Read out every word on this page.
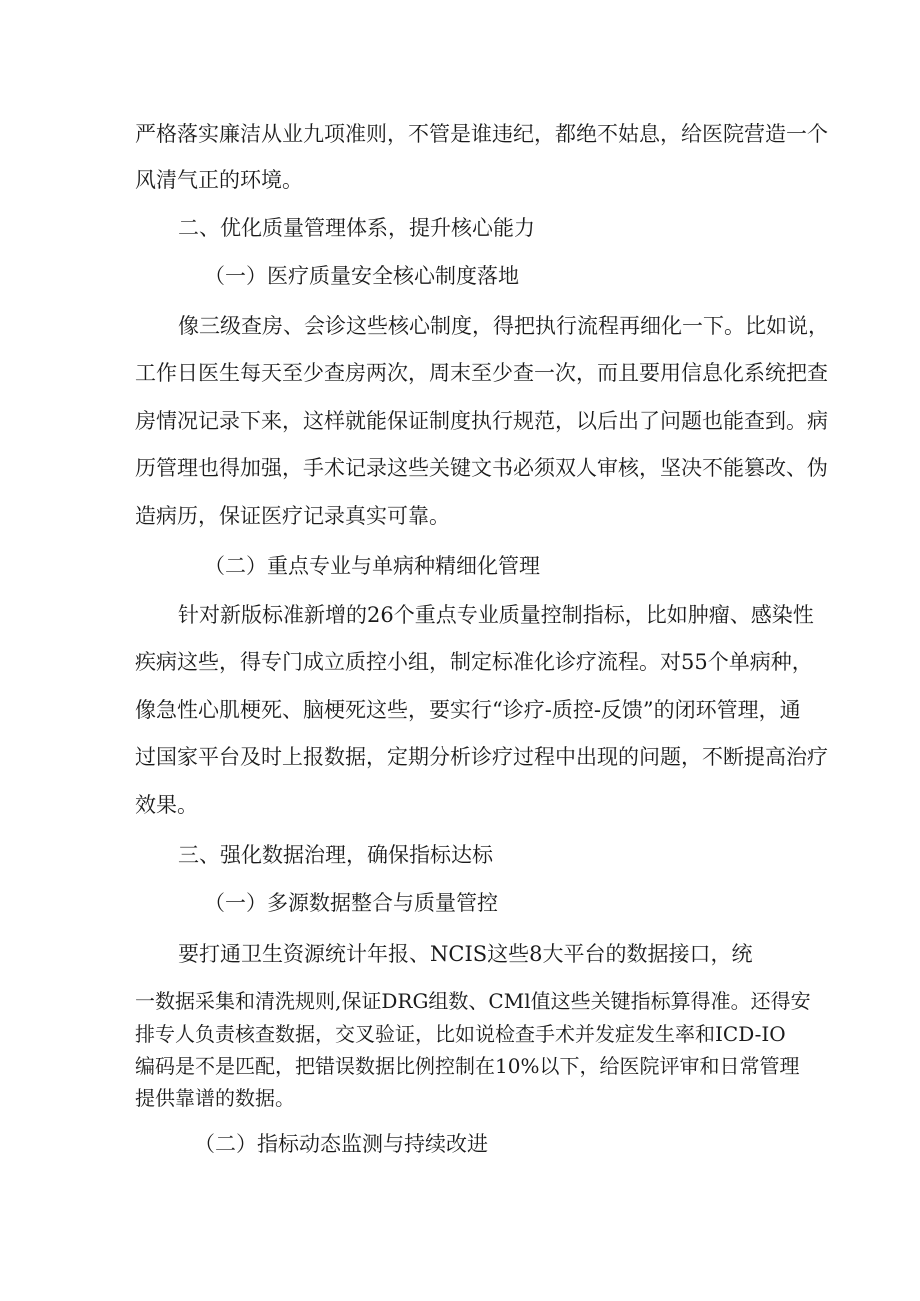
严格落实廉洁从业九项准则，不管是谁违纪，都绝不姑息，给医院营造一个

风清气正的环境。

二、优化质量管理体系，提升核心能力

（一）医疗质量安全核心制度落地

像三级查房、会诊这些核心制度，得把执行流程再细化一下。比如说，

工作日医生每天至少查房两次，周末至少查一次，而且要用信息化系统把查

房情况记录下来，这样就能保证制度执行规范，以后出了问题也能查到。病

历管理也得加强，手术记录这些关键文书必须双人审核，坚决不能篡改、伪

造病历，保证医疗记录真实可靠。

（二）重点专业与单病种精细化管理

针对新版标准新增的26个重点专业质量控制指标，比如肿瘤、感染性

疾病这些，得专门成立质控小组，制定标准化诊疗流程。对55个单病种，

像急性心肌梗死、脑梗死这些，要实行“诊疗-质控-反馈”的闭环管理，通

过国家平台及时上报数据，定期分析诊疗过程中出现的问题，不断提高治疗

效果。

三、强化数据治理，确保指标达标

（一）多源数据整合与质量管控

要打通卫生资源统计年报、NCIS这些8大平台的数据接口，统

一数据采集和清洗规则,保证DRG组数、CMl值这些关键指标算得准。还得安

排专人负责核查数据，交叉验证，比如说检查手术并发症发生率和ICD-IO

编码是不是匹配，把错误数据比例控制在10%以下，给医院评审和日常管理

提供靠谱的数据。

（二）指标动态监测与持续改进
